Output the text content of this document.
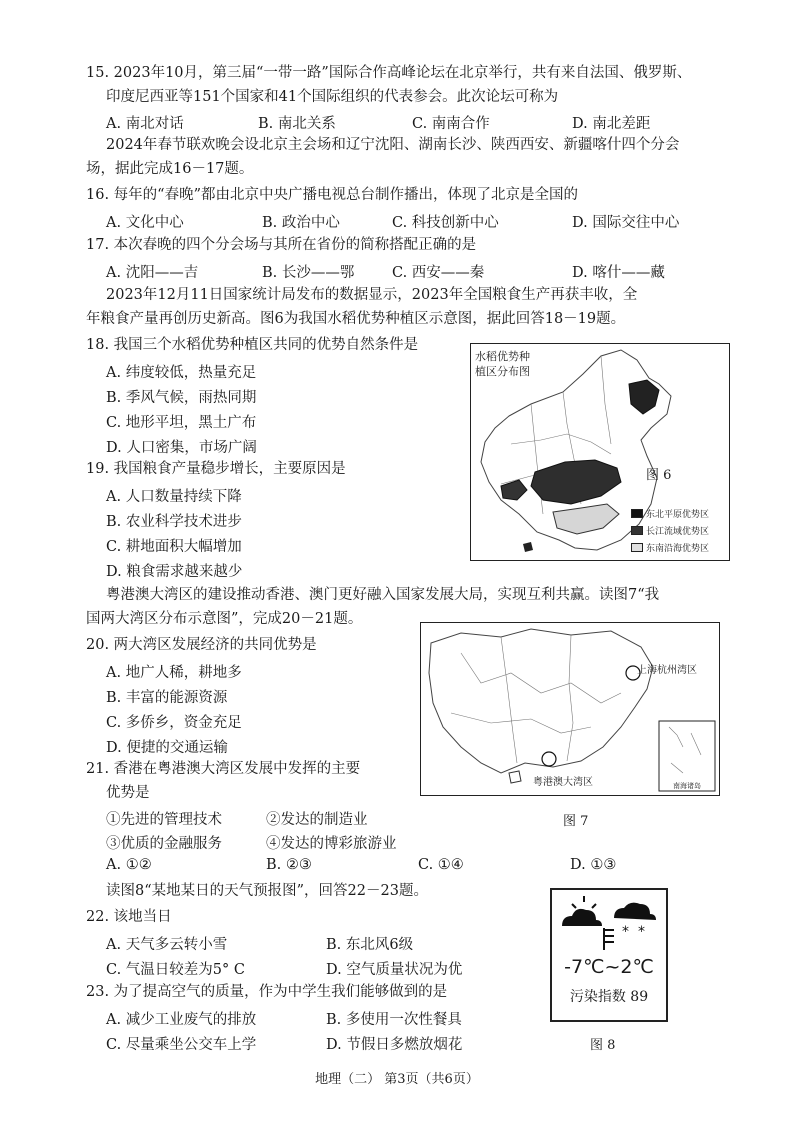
15. 2023年10月，第三届“一带一路”国际合作高峰论坛在北京举行，共有来自法国、俄罗斯、
印度尼西亚等151个国家和41个国际组织的代表参会。此次论坛可称为
A. 南北对话	B. 南北关系	C. 南南合作	D. 南北差距
2024年春节联欢晚会设北京主会场和辽宁沈阳、湖南长沙、陕西西安、新疆喀什四个分会
场，据此完成16－17题。
16. 每年的“春晚”都由北京中央广播电视总台制作播出，体现了北京是全国的
A. 文化中心	B. 政治中心	C. 科技创新中心	D. 国际交往中心
17. 本次春晚的四个分会场与其所在省份的简称搭配正确的是
A. 沈阳——吉	B. 长沙——鄂	C. 西安——秦	D. 喀什——藏
2023年12月11日国家统计局发布的数据显示，2023年全国粮食生产再获丰收，全
年粮食产量再创历史新高。图6为我国水稻优势种植区示意图，据此回答18－19题。
18. 我国三个水稻优势种植区共同的优势自然条件是
A. 纬度较低，热量充足
B. 季风气候，雨热同期
C. 地形平坦，黑土广布
D. 人口密集，市场广阔
19. 我国粮食产量稳步增长，主要原因是
A. 人口数量持续下降
B. 农业科学技术进步
C. 耕地面积大幅增加
D. 粮食需求越来越少
水稻优势种
植区分布图
东北平原优势区
长江流域优势区
东南沿海优势区
图 6
粤港澳大湾区的建设推动香港、澳门更好融入国家发展大局，实现互利共赢。读图7“我
国两大湾区分布示意图”，完成20－21题。
20. 两大湾区发展经济的共同优势是
A. 地广人稀，耕地多
B. 丰富的能源资源
C. 多侨乡，资金充足
D. 便捷的交通运输
21. 香港在粤港澳大湾区发展中发挥的主要
优势是
①先进的管理技术	②发达的制造业
③优质的金融服务	④发达的博彩旅游业
A. ①②	B. ②③	C. ①④	D. ①③
上海杭州湾区
粤港澳大湾区	南海诸岛
图 7
读图8“某地某日的天气预报图”，回答22－23题。
22. 该地当日
A. 天气多云转小雪	B. 东北风6级
C. 气温日较差为5° C	D. 空气质量状况为优
23. 为了提高空气的质量，作为中学生我们能够做到的是
A. 减少工业废气的排放	B. 多使用一次性餐具
C. 尽量乘坐公交车上学	D. 节假日多燃放烟花
* *
-7℃~2℃
污染指数 89
图 8
地理（二） 第3页（共6页）
